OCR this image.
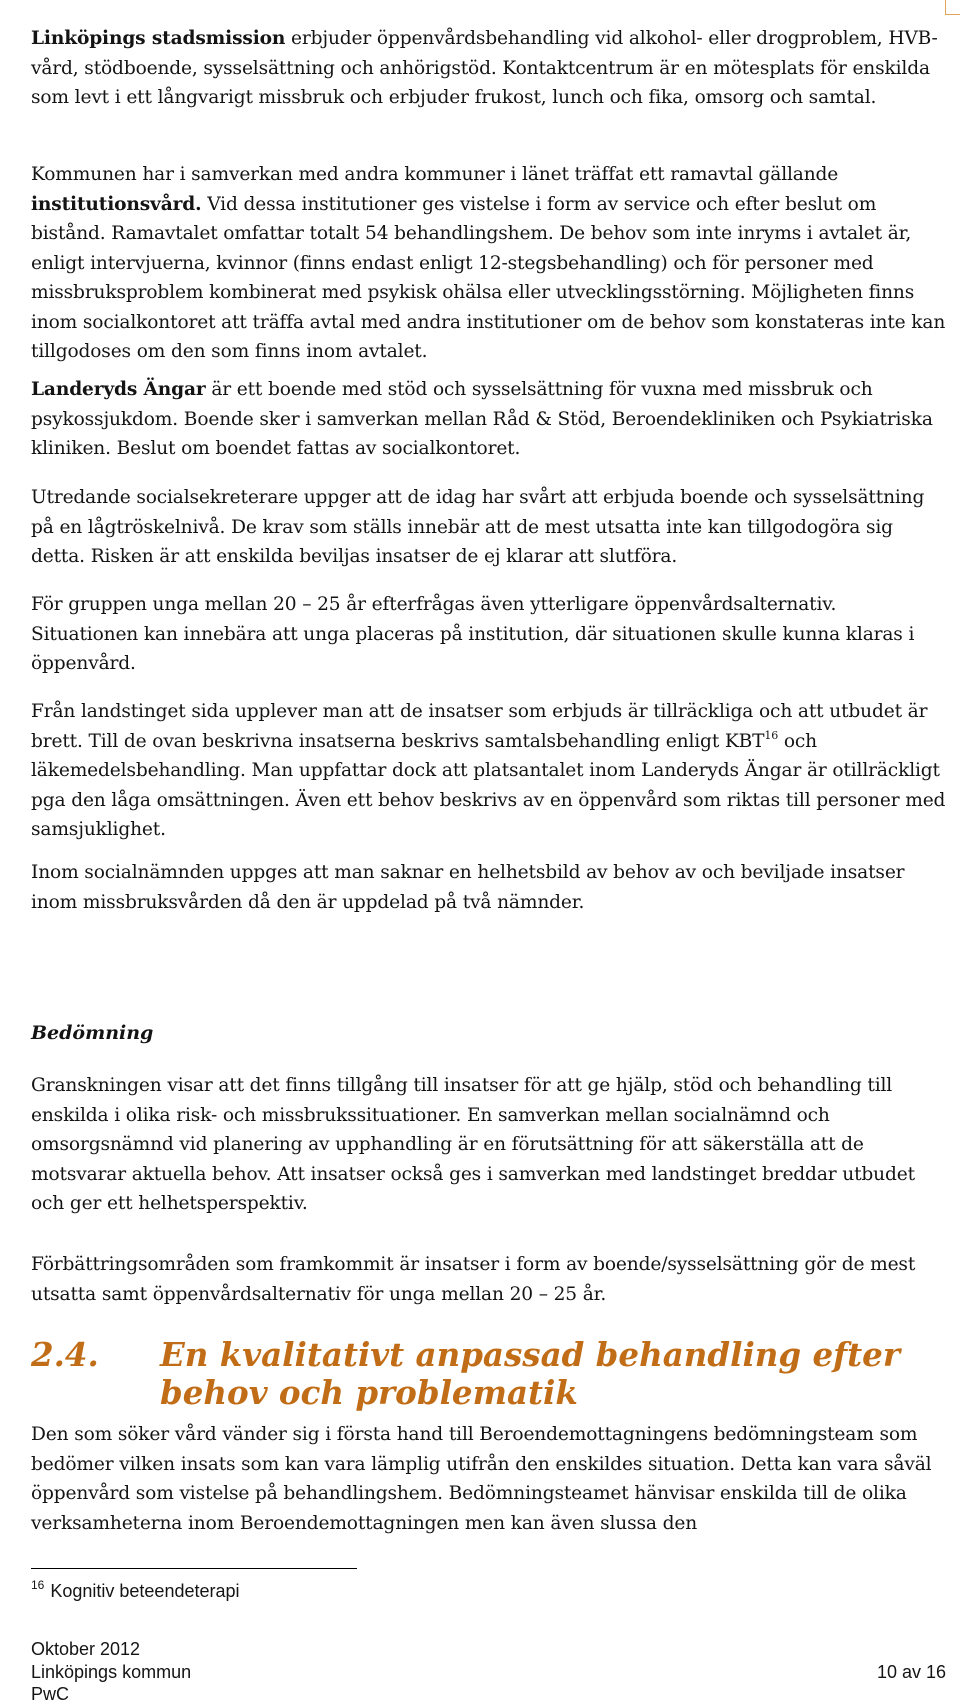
Linköpings stadsmission erbjuder öppenvårdsbehandling vid alkohol- eller drogproblem, HVB-vård, stödboende, sysselsättning och anhörigstöd. Kontaktcentrum är en mötesplats för enskilda som levt i ett långvarigt missbruk och erbjuder frukost, lunch och fika, omsorg och samtal.

Kommunen har i samverkan med andra kommuner i länet träffat ett ramavtal gällande institutionsvård. Vid dessa institutioner ges vistelse i form av service och efter beslut om bistånd. Ramavtalet omfattar totalt 54 behandlingshem. De behov som inte inryms i avtalet är, enligt intervjuerna, kvinnor (finns endast enligt 12-stegsbehandling) och för personer med missbruksproblem kombinerat med psykisk ohälsa eller utvecklingsstörning. Möjligheten finns inom socialkontoret att träffa avtal med andra institutioner om de behov som konstateras inte kan tillgodoses om den som finns inom avtalet.

Landeryds Ängar är ett boende med stöd och sysselsättning för vuxna med missbruk och psykossjukdom. Boende sker i samverkan mellan Råd & Stöd, Beroendekliniken och Psykiatriska kliniken. Beslut om boendet fattas av socialkontoret.

Utredande socialsekreterare uppger att de idag har svårt att erbjuda boende och sysselsättning på en lågtröskelnivå. De krav som ställs innebär att de mest utsatta inte kan tillgodogöra sig detta. Risken är att enskilda beviljas insatser de ej klarar att slutföra.

För gruppen unga mellan 20 – 25 år efterfrågas även ytterligare öppenvårdsalternativ. Situationen kan innebära att unga placeras på institution, där situationen skulle kunna klaras i öppenvård.

Från landstinget sida upplever man att de insatser som erbjuds är tillräckliga och att utbudet är brett. Till de ovan beskrivna insatserna beskrivs samtalsbehandling enligt KBT$^{16}$ och läkemedelsbehandling. Man uppfattar dock att platsantalet inom Landeryds Ängar är otillräckligt pga den låga omsättningen. Även ett behov beskrivs av en öppenvård som riktas till personer med samsjuklighet.

Inom socialnämnden uppges att man saknar en helhetsbild av behov av och beviljade insatser inom missbruksvården då den är uppdelad på två nämnder.

Bedömning

Granskningen visar att det finns tillgång till insatser för att ge hjälp, stöd och behandling till enskilda i olika risk- och missbrukssituationer. En samverkan mellan socialnämnd och omsorgsnämnd vid planering av upphandling är en förutsättning för att säkerställa att de motsvarar aktuella behov. Att insatser också ges i samverkan med landstinget breddar utbudet och ger ett helhetsperspektiv.

Förbättringsområden som framkommit är insatser i form av boende/sysselsättning gör de mest utsatta samt öppenvårdsalternativ för unga mellan 20 – 25 år.

2.4.	En kvalitativt anpassad behandling efter behov och problematik

Den som söker vård vänder sig i första hand till Beroendemottagningens bedömningsteam som bedömer vilken insats som kan vara lämplig utifrån den enskildes situation. Detta kan vara såväl öppenvård som vistelse på behandlingshem. Bedömningsteamet hänvisar enskilda till de olika verksamheterna inom Beroendemottagningen men kan även slussa den

$^{16}$ Kognitiv beteendeterapi
Oktober 2012
Linköpings kommun
PwC
10 av 16
